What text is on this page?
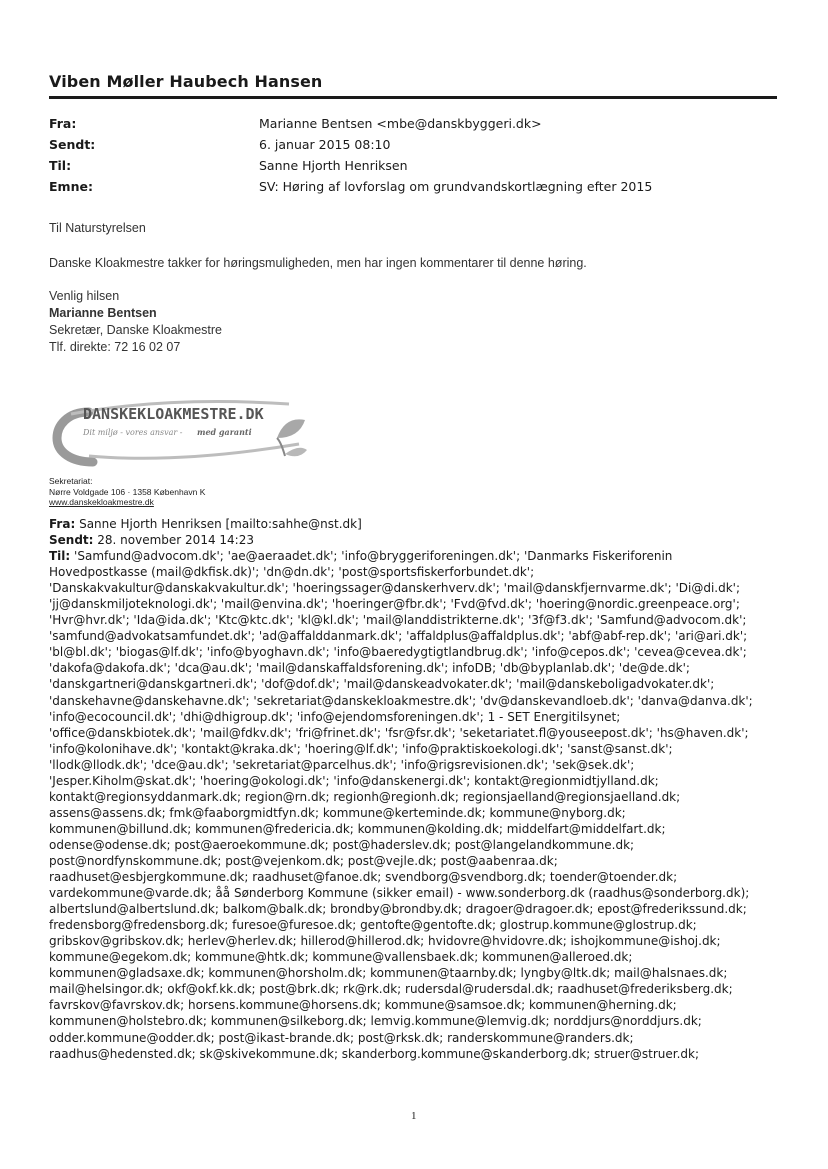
Viben Møller Haubech Hansen
Fra:	Marianne Bentsen <mbe@danskbyggeri.dk>
Sendt:	6. januar 2015 08:10
Til:	Sanne Hjorth Henriksen
Emne:	SV: Høring af lovforslag om grundvandskortlægning efter 2015
Til Naturstyrelsen
Danske Kloakmestre takker for høringsmuligheden, men har ingen kommentarer til denne høring.
Venlig hilsen
Marianne Bentsen
Sekretær, Danske Kloakmestre
Tlf. direkte: 72 16 02 07
DANSKEKLOAKMESTRE.DK
Dit miljø - vores ansvar - med garanti
Sekretariat:
Nørre Voldgade 106 · 1358 København K
www.danskekloakmestre.dk
Fra: Sanne Hjorth Henriksen [mailto:sahhe@nst.dk]
Sendt: 28. november 2014 14:23
Til: 'Samfund@advocom.dk'; 'ae@aeraadet.dk'; 'info@bryggeriforeningen.dk'; 'Danmarks Fiskeriforenin
Hovedpostkasse (mail@dkfisk.dk)'; 'dn@dn.dk'; 'post@sportsfiskerforbundet.dk';
'Danskakvakultur@danskakvakultur.dk'; 'hoeringssager@danskerhverv.dk'; 'mail@danskfjernvarme.dk'; 'Di@di.dk';
'jj@danskmiljoteknologi.dk'; 'mail@envina.dk'; 'hoeringer@fbr.dk'; 'Fvd@fvd.dk'; 'hoering@nordic.greenpeace.org';
'Hvr@hvr.dk'; 'Ida@ida.dk'; 'Ktc@ktc.dk'; 'kl@kl.dk'; 'mail@landdistrikterne.dk'; '3f@f3.dk'; 'Samfund@advocom.dk';
'samfund@advokatsamfundet.dk'; 'ad@affalddanmark.dk'; 'affaldplus@affaldplus.dk'; 'abf@abf-rep.dk'; 'ari@ari.dk';
'bl@bl.dk'; 'biogas@lf.dk'; 'info@byoghavn.dk'; 'info@baeredygtigtlandbrug.dk'; 'info@cepos.dk'; 'cevea@cevea.dk';
'dakofa@dakofa.dk'; 'dca@au.dk'; 'mail@danskaffaldsforening.dk'; infoDB; 'db@byplanlab.dk'; 'de@de.dk';
'danskgartneri@danskgartneri.dk'; 'dof@dof.dk'; 'mail@danskeadvokater.dk'; 'mail@danskeboligadvokater.dk';
'danskehavne@danskehavne.dk'; 'sekretariat@danskekloakmestre.dk'; 'dv@danskevandloeb.dk'; 'danva@danva.dk';
'info@ecocouncil.dk'; 'dhi@dhigroup.dk'; 'info@ejendomsforeningen.dk'; 1 - SET Energitilsynet;
'office@danskbiotek.dk'; 'mail@fdkv.dk'; 'fri@frinet.dk'; 'fsr@fsr.dk'; 'seketariatet.fl@youseepost.dk'; 'hs@haven.dk';
'info@kolonihave.dk'; 'kontakt@kraka.dk'; 'hoering@lf.dk'; 'info@praktiskoekologi.dk'; 'sanst@sanst.dk';
'llodk@llodk.dk'; 'dce@au.dk'; 'sekretariat@parcelhus.dk'; 'info@rigsrevisionen.dk'; 'sek@sek.dk';
'Jesper.Kiholm@skat.dk'; 'hoering@okologi.dk'; 'info@danskenergi.dk'; kontakt@regionmidtjylland.dk;
kontakt@regionsyddanmark.dk; region@rn.dk; regionh@regionh.dk; regionsjaelland@regionsjaelland.dk;
assens@assens.dk; fmk@faaborgmidtfyn.dk; kommune@kerteminde.dk; kommune@nyborg.dk;
kommunen@billund.dk; kommunen@fredericia.dk; kommunen@kolding.dk; middelfart@middelfart.dk;
odense@odense.dk; post@aeroekommune.dk; post@haderslev.dk; post@langelandkommune.dk;
post@nordfynskommune.dk; post@vejenkom.dk; post@vejle.dk; post@aabenraa.dk;
raadhuset@esbjergkommune.dk; raadhuset@fanoe.dk; svendborg@svendborg.dk; toender@toender.dk;
vardekommune@varde.dk; åå Sønderborg Kommune (sikker email) - www.sonderborg.dk (raadhus@sonderborg.dk);
albertslund@albertslund.dk; balkom@balk.dk; brondby@brondby.dk; dragoer@dragoer.dk; epost@frederikssund.dk;
fredensborg@fredensborg.dk; furesoe@furesoe.dk; gentofte@gentofte.dk; glostrup.kommune@glostrup.dk;
gribskov@gribskov.dk; herlev@herlev.dk; hillerod@hillerod.dk; hvidovre@hvidovre.dk; ishojkommune@ishoj.dk;
kommune@egekom.dk; kommune@htk.dk; kommune@vallensbaek.dk; kommunen@alleroed.dk;
kommunen@gladsaxe.dk; kommunen@horsholm.dk; kommunen@taarnby.dk; lyngby@ltk.dk; mail@halsnaes.dk;
mail@helsingor.dk; okf@okf.kk.dk; post@brk.dk; rk@rk.dk; rudersdal@rudersdal.dk; raadhuset@frederiksberg.dk;
favrskov@favrskov.dk; horsens.kommune@horsens.dk; kommune@samsoe.dk; kommunen@herning.dk;
kommunen@holstebro.dk; kommunen@silkeborg.dk; lemvig.kommune@lemvig.dk; norddjurs@norddjurs.dk;
odder.kommune@odder.dk; post@ikast-brande.dk; post@rksk.dk; randerskommune@randers.dk;
raadhus@hedensted.dk; sk@skivekommune.dk; skanderborg.kommune@skanderborg.dk; struer@struer.dk;
1
